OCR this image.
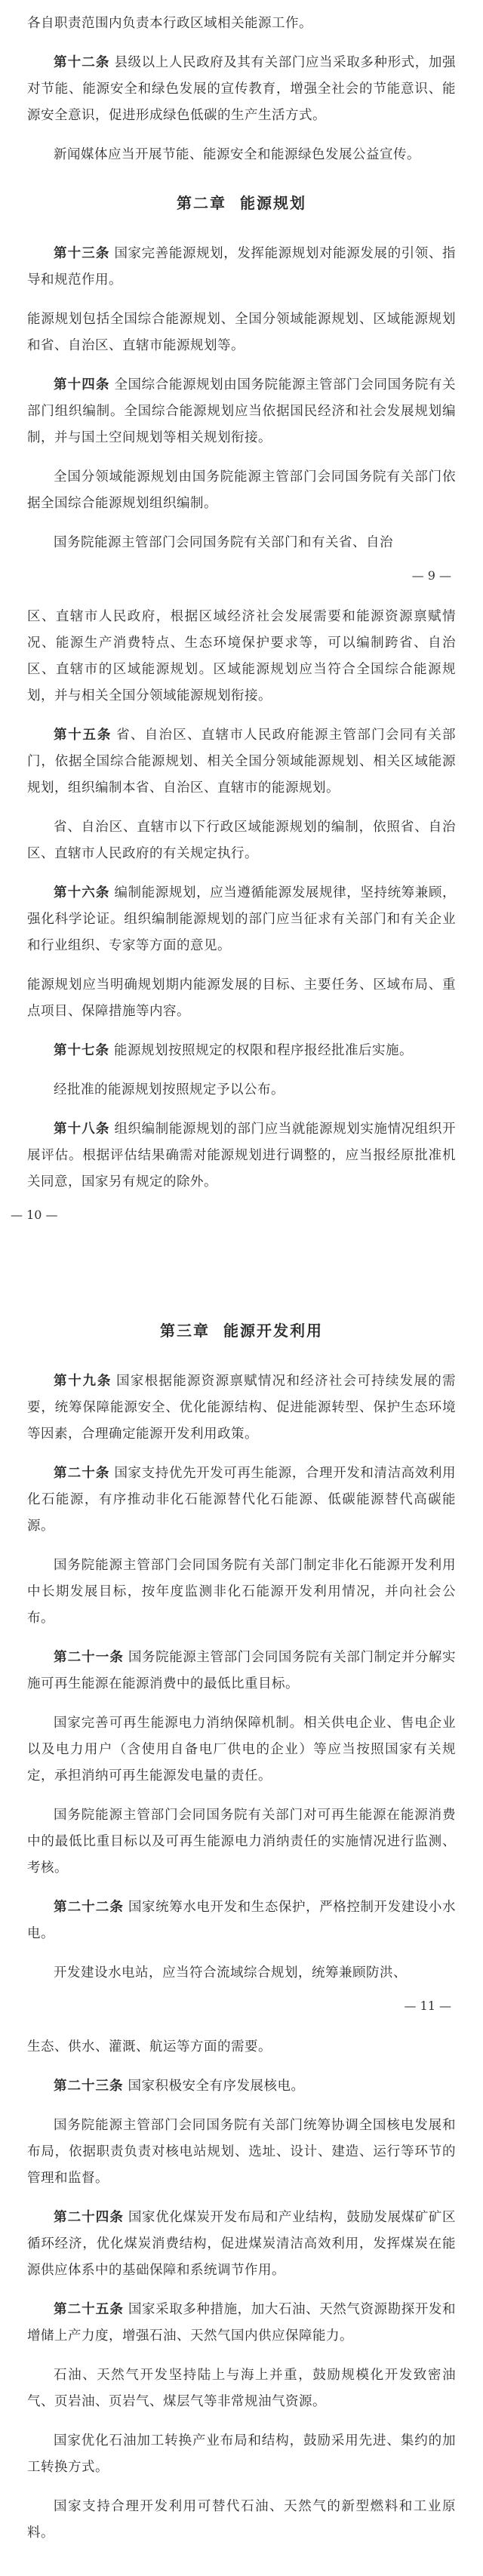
各自职责范围内负责本行政区域相关能源工作。

第十二条 县级以上人民政府及其有关部门应当采取多种形式，加强对节能、能源安全和绿色发展的宣传教育，增强全社会的节能意识、能源安全意识，促进形成绿色低碳的生产生活方式。

新闻媒体应当开展节能、能源安全和能源绿色发展公益宣传。

第二章 能源规划

第十三条 国家完善能源规划，发挥能源规划对能源发展的引领、指导和规范作用。

能源规划包括全国综合能源规划、全国分领域能源规划、区域能源规划和省、自治区、直辖市能源规划等。

第十四条 全国综合能源规划由国务院能源主管部门会同国务院有关部门组织编制。全国综合能源规划应当依据国民经济和社会发展规划编制，并与国土空间规划等相关规划衔接。

全国分领域能源规划由国务院能源主管部门会同国务院有关部门依据全国综合能源规划组织编制。

国务院能源主管部门会同国务院有关部门和有关省、自治

— 9 —

区、直辖市人民政府，根据区域经济社会发展需要和能源资源禀赋情况、能源生产消费特点、生态环境保护要求等，可以编制跨省、自治区、直辖市的区域能源规划。区域能源规划应当符合全国综合能源规划，并与相关全国分领域能源规划衔接。

第十五条 省、自治区、直辖市人民政府能源主管部门会同有关部门，依据全国综合能源规划、相关全国分领域能源规划、相关区域能源规划，组织编制本省、自治区、直辖市的能源规划。

省、自治区、直辖市以下行政区域能源规划的编制，依照省、自治区、直辖市人民政府的有关规定执行。

第十六条 编制能源规划，应当遵循能源发展规律，坚持统筹兼顾，强化科学论证。组织编制能源规划的部门应当征求有关部门和有关企业和行业组织、专家等方面的意见。

能源规划应当明确规划期内能源发展的目标、主要任务、区域布局、重点项目、保障措施等内容。

第十七条 能源规划按照规定的权限和程序报经批准后实施。

经批准的能源规划按照规定予以公布。

第十八条 组织编制能源规划的部门应当就能源规划实施情况组织开展评估。根据评估结果确需对能源规划进行调整的，应当报经原批准机关同意，国家另有规定的除外。

— 10 —
第三章 能源开发利用

第十九条 国家根据能源资源禀赋情况和经济社会可持续发展的需要，统筹保障能源安全、优化能源结构、促进能源转型、保护生态环境等因素，合理确定能源开发利用政策。

第二十条 国家支持优先开发可再生能源，合理开发和清洁高效利用化石能源，有序推动非化石能源替代化石能源、低碳能源替代高碳能源。

国务院能源主管部门会同国务院有关部门制定非化石能源开发利用中长期发展目标，按年度监测非化石能源开发利用情况，并向社会公布。

第二十一条 国务院能源主管部门会同国务院有关部门制定并分解实施可再生能源在能源消费中的最低比重目标。

国家完善可再生能源电力消纳保障机制。相关供电企业、售电企业以及电力用户（含使用自备电厂供电的企业）等应当按照国家有关规定，承担消纳可再生能源发电量的责任。

国务院能源主管部门会同国务院有关部门对可再生能源在能源消费中的最低比重目标以及可再生能源电力消纳责任的实施情况进行监测、考核。

第二十二条 国家统筹水电开发和生态保护，严格控制开发建设小水电。

开发建设水电站，应当符合流域综合规划，统筹兼顾防洪、

— 11 —

生态、供水、灌溉、航运等方面的需要。

第二十三条 国家积极安全有序发展核电。

国务院能源主管部门会同国务院有关部门统筹协调全国核电发展和布局，依据职责负责对核电站规划、选址、设计、建造、运行等环节的管理和监督。

第二十四条 国家优化煤炭开发布局和产业结构，鼓励发展煤矿矿区循环经济，优化煤炭消费结构，促进煤炭清洁高效利用，发挥煤炭在能源供应体系中的基础保障和系统调节作用。

第二十五条 国家采取多种措施，加大石油、天然气资源勘探开发和增储上产力度，增强石油、天然气国内供应保障能力。

石油、天然气开发坚持陆上与海上并重，鼓励规模化开发致密油气、页岩油、页岩气、煤层气等非常规油气资源。

国家优化石油加工转换产业布局和结构，鼓励采用先进、集约的加工转换方式。

国家支持合理开发利用可替代石油、天然气的新型燃料和工业原料。
